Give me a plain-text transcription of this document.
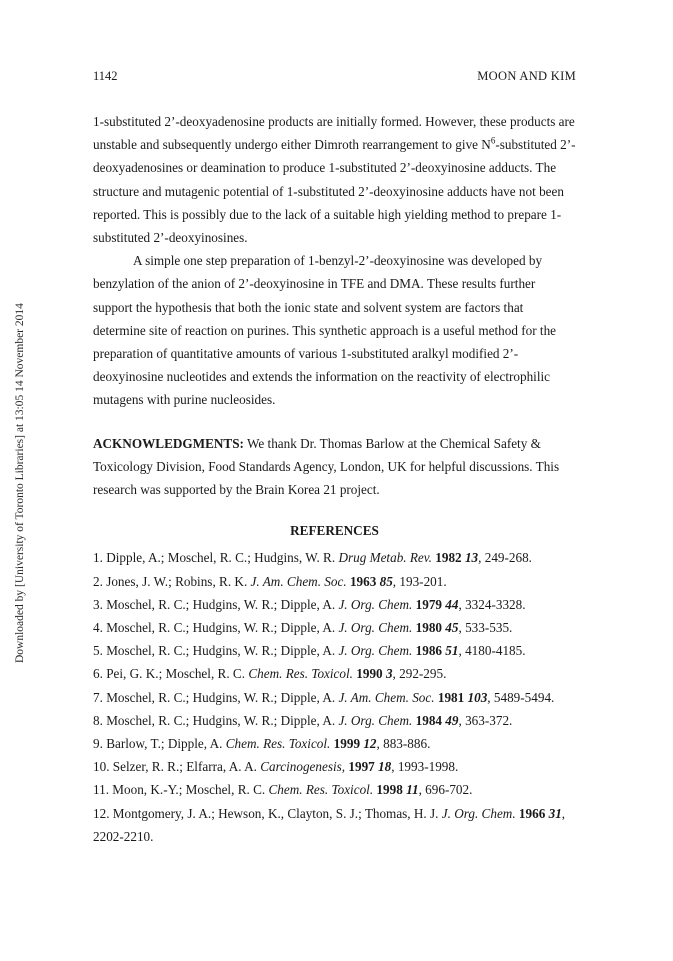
Downloaded by [University of Toronto Libraries] at 13:05 14 November 2014
1142	MOON AND KIM

1-substituted 2’-deoxyadenosine products are initially formed. However, these products are unstable and subsequently undergo either Dimroth rearrangement to give $N^6$-substituted 2’-deoxyadenosines or deamination to produce 1-substituted 2’-deoxyinosine adducts. The structure and mutagenic potential of 1-substituted 2’-deoxyinosine adducts have not been reported. This is possibly due to the lack of a suitable high yielding method to prepare 1-substituted 2’-deoxyinosines.

A simple one step preparation of 1-benzyl-2’-deoxyinosine was developed by benzylation of the anion of 2’-deoxyinosine in TFE and DMA. These results further support the hypothesis that both the ionic state and solvent system are factors that determine site of reaction on purines. This synthetic approach is a useful method for the preparation of quantitative amounts of various 1-substituted aralkyl modified 2’-deoxyinosine nucleotides and extends the information on the reactivity of electrophilic mutagens with purine nucleosides.

ACKNOWLEDGMENTS: We thank Dr. Thomas Barlow at the Chemical Safety & Toxicology Division, Food Standards Agency, London, UK for helpful discussions. This research was supported by the Brain Korea 21 project.

REFERENCES
1. Dipple, A.; Moschel, R. C.; Hudgins, W. R. Drug Metab. Rev. 1982 13, 249-268.
2. Jones, J. W.; Robins, R. K. J. Am. Chem. Soc. 1963 85, 193-201.
3. Moschel, R. C.; Hudgins, W. R.; Dipple, A. J. Org. Chem. 1979 44, 3324-3328.
4. Moschel, R. C.; Hudgins, W. R.; Dipple, A. J. Org. Chem. 1980 45, 533-535.
5. Moschel, R. C.; Hudgins, W. R.; Dipple, A. J. Org. Chem. 1986 51, 4180-4185.
6. Pei, G. K.; Moschel, R. C. Chem. Res. Toxicol. 1990 3, 292-295.
7. Moschel, R. C.; Hudgins, W. R.; Dipple, A. J. Am. Chem. Soc. 1981 103, 5489-5494.
8. Moschel, R. C.; Hudgins, W. R.; Dipple, A. J. Org. Chem. 1984 49, 363-372.
9. Barlow, T.; Dipple, A. Chem. Res. Toxicol. 1999 12, 883-886.
10. Selzer, R. R.; Elfarra, A. A. Carcinogenesis, 1997 18, 1993-1998.
11. Moon, K.-Y.; Moschel, R. C. Chem. Res. Toxicol. 1998 11, 696-702.
12. Montgomery, J. A.; Hewson, K., Clayton, S. J.; Thomas, H. J. J. Org. Chem. 1966 31, 2202-2210.
